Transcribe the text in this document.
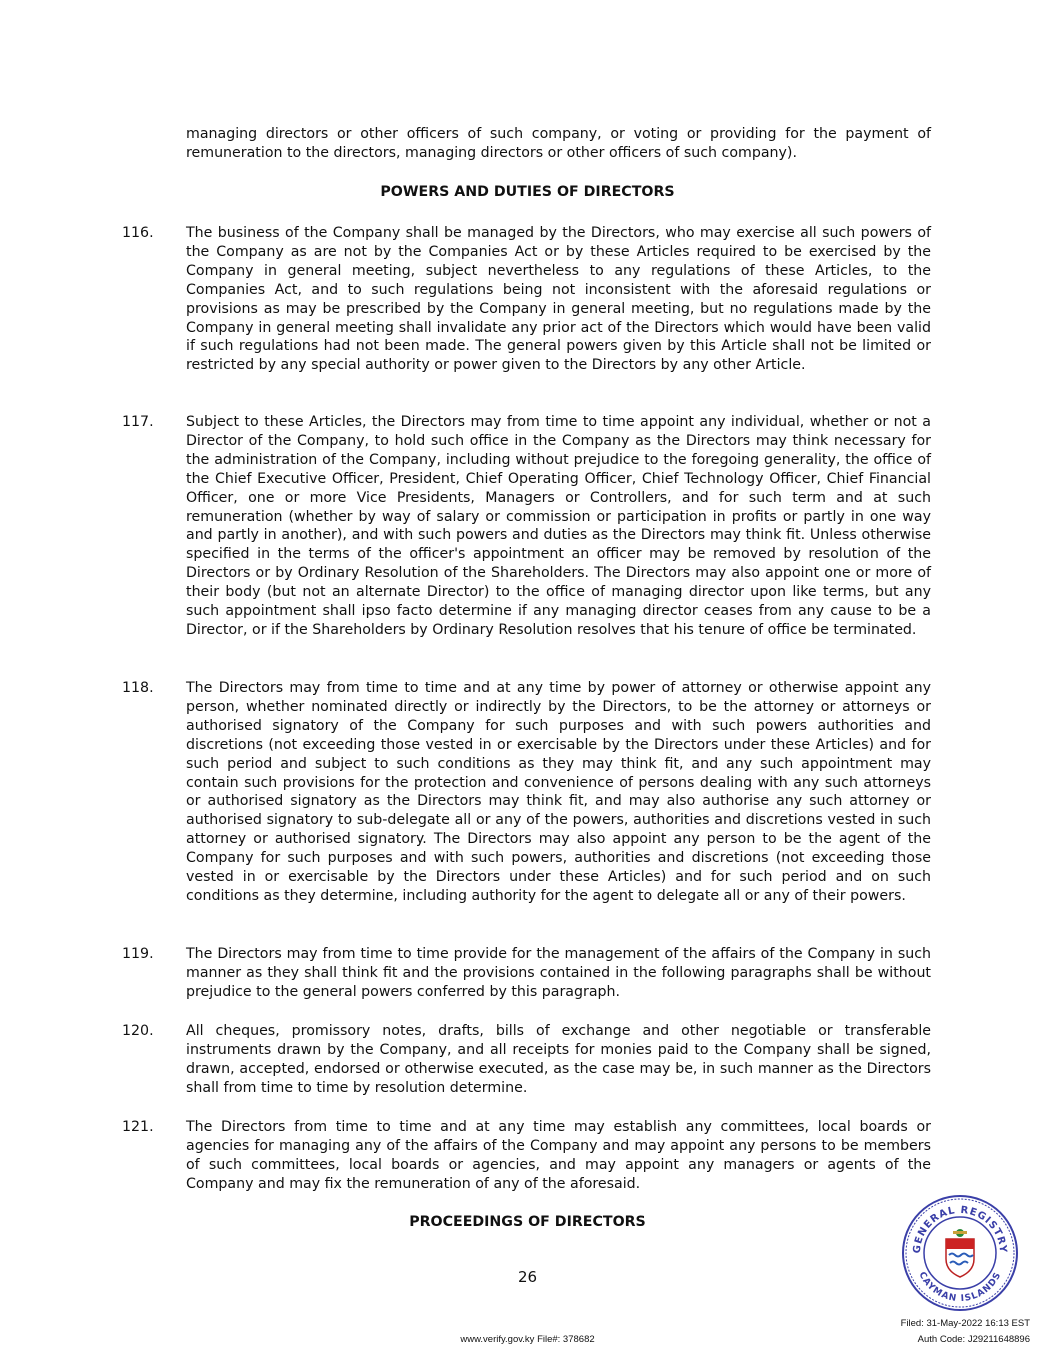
managing directors or other officers of such company, or voting or providing for the payment of remuneration to the directors, managing directors or other officers of such company).
POWERS AND DUTIES OF DIRECTORS
116. The business of the Company shall be managed by the Directors, who may exercise all such powers of the Company as are not by the Companies Act or by these Articles required to be exercised by the Company in general meeting, subject nevertheless to any regulations of these Articles, to the Companies Act, and to such regulations being not inconsistent with the aforesaid regulations or provisions as may be prescribed by the Company in general meeting, but no regulations made by the Company in general meeting shall invalidate any prior act of the Directors which would have been valid if such regulations had not been made. The general powers given by this Article shall not be limited or restricted by any special authority or power given to the Directors by any other Article.
117. Subject to these Articles, the Directors may from time to time appoint any individual, whether or not a Director of the Company, to hold such office in the Company as the Directors may think necessary for the administration of the Company, including without prejudice to the foregoing generality, the office of the Chief Executive Officer, President, Chief Operating Officer, Chief Technology Officer, Chief Financial Officer, one or more Vice Presidents, Managers or Controllers, and for such term and at such remuneration (whether by way of salary or commission or participation in profits or partly in one way and partly in another), and with such powers and duties as the Directors may think fit. Unless otherwise specified in the terms of the officer's appointment an officer may be removed by resolution of the Directors or by Ordinary Resolution of the Shareholders. The Directors may also appoint one or more of their body (but not an alternate Director) to the office of managing director upon like terms, but any such appointment shall ipso facto determine if any managing director ceases from any cause to be a Director, or if the Shareholders by Ordinary Resolution resolves that his tenure of office be terminated.
118. The Directors may from time to time and at any time by power of attorney or otherwise appoint any person, whether nominated directly or indirectly by the Directors, to be the attorney or attorneys or authorised signatory of the Company for such purposes and with such powers authorities and discretions (not exceeding those vested in or exercisable by the Directors under these Articles) and for such period and subject to such conditions as they may think fit, and any such appointment may contain such provisions for the protection and convenience of persons dealing with any such attorneys or authorised signatory as the Directors may think fit, and may also authorise any such attorney or authorised signatory to sub-delegate all or any of the powers, authorities and discretions vested in such attorney or authorised signatory. The Directors may also appoint any person to be the agent of the Company for such purposes and with such powers, authorities and discretions (not exceeding those vested in or exercisable by the Directors under these Articles) and for such period and on such conditions as they determine, including authority for the agent to delegate all or any of their powers.
119. The Directors may from time to time provide for the management of the affairs of the Company in such manner as they shall think fit and the provisions contained in the following paragraphs shall be without prejudice to the general powers conferred by this paragraph.
120. All cheques, promissory notes, drafts, bills of exchange and other negotiable or transferable instruments drawn by the Company, and all receipts for monies paid to the Company shall be signed, drawn, accepted, endorsed or otherwise executed, as the case may be, in such manner as the Directors shall from time to time by resolution determine.
121. The Directors from time to time and at any time may establish any committees, local boards or agencies for managing any of the affairs of the Company and may appoint any persons to be members of such committees, local boards or agencies, and may appoint any managers or agents of the Company and may fix the remuneration of any of the aforesaid.
PROCEEDINGS OF DIRECTORS
26
www.verify.gov.ky File#: 378682
GENERAL REGISTRY
CAYMAN ISLANDS
Filed: 31-May-2022 16:13 EST
Auth Code: J29211648896
